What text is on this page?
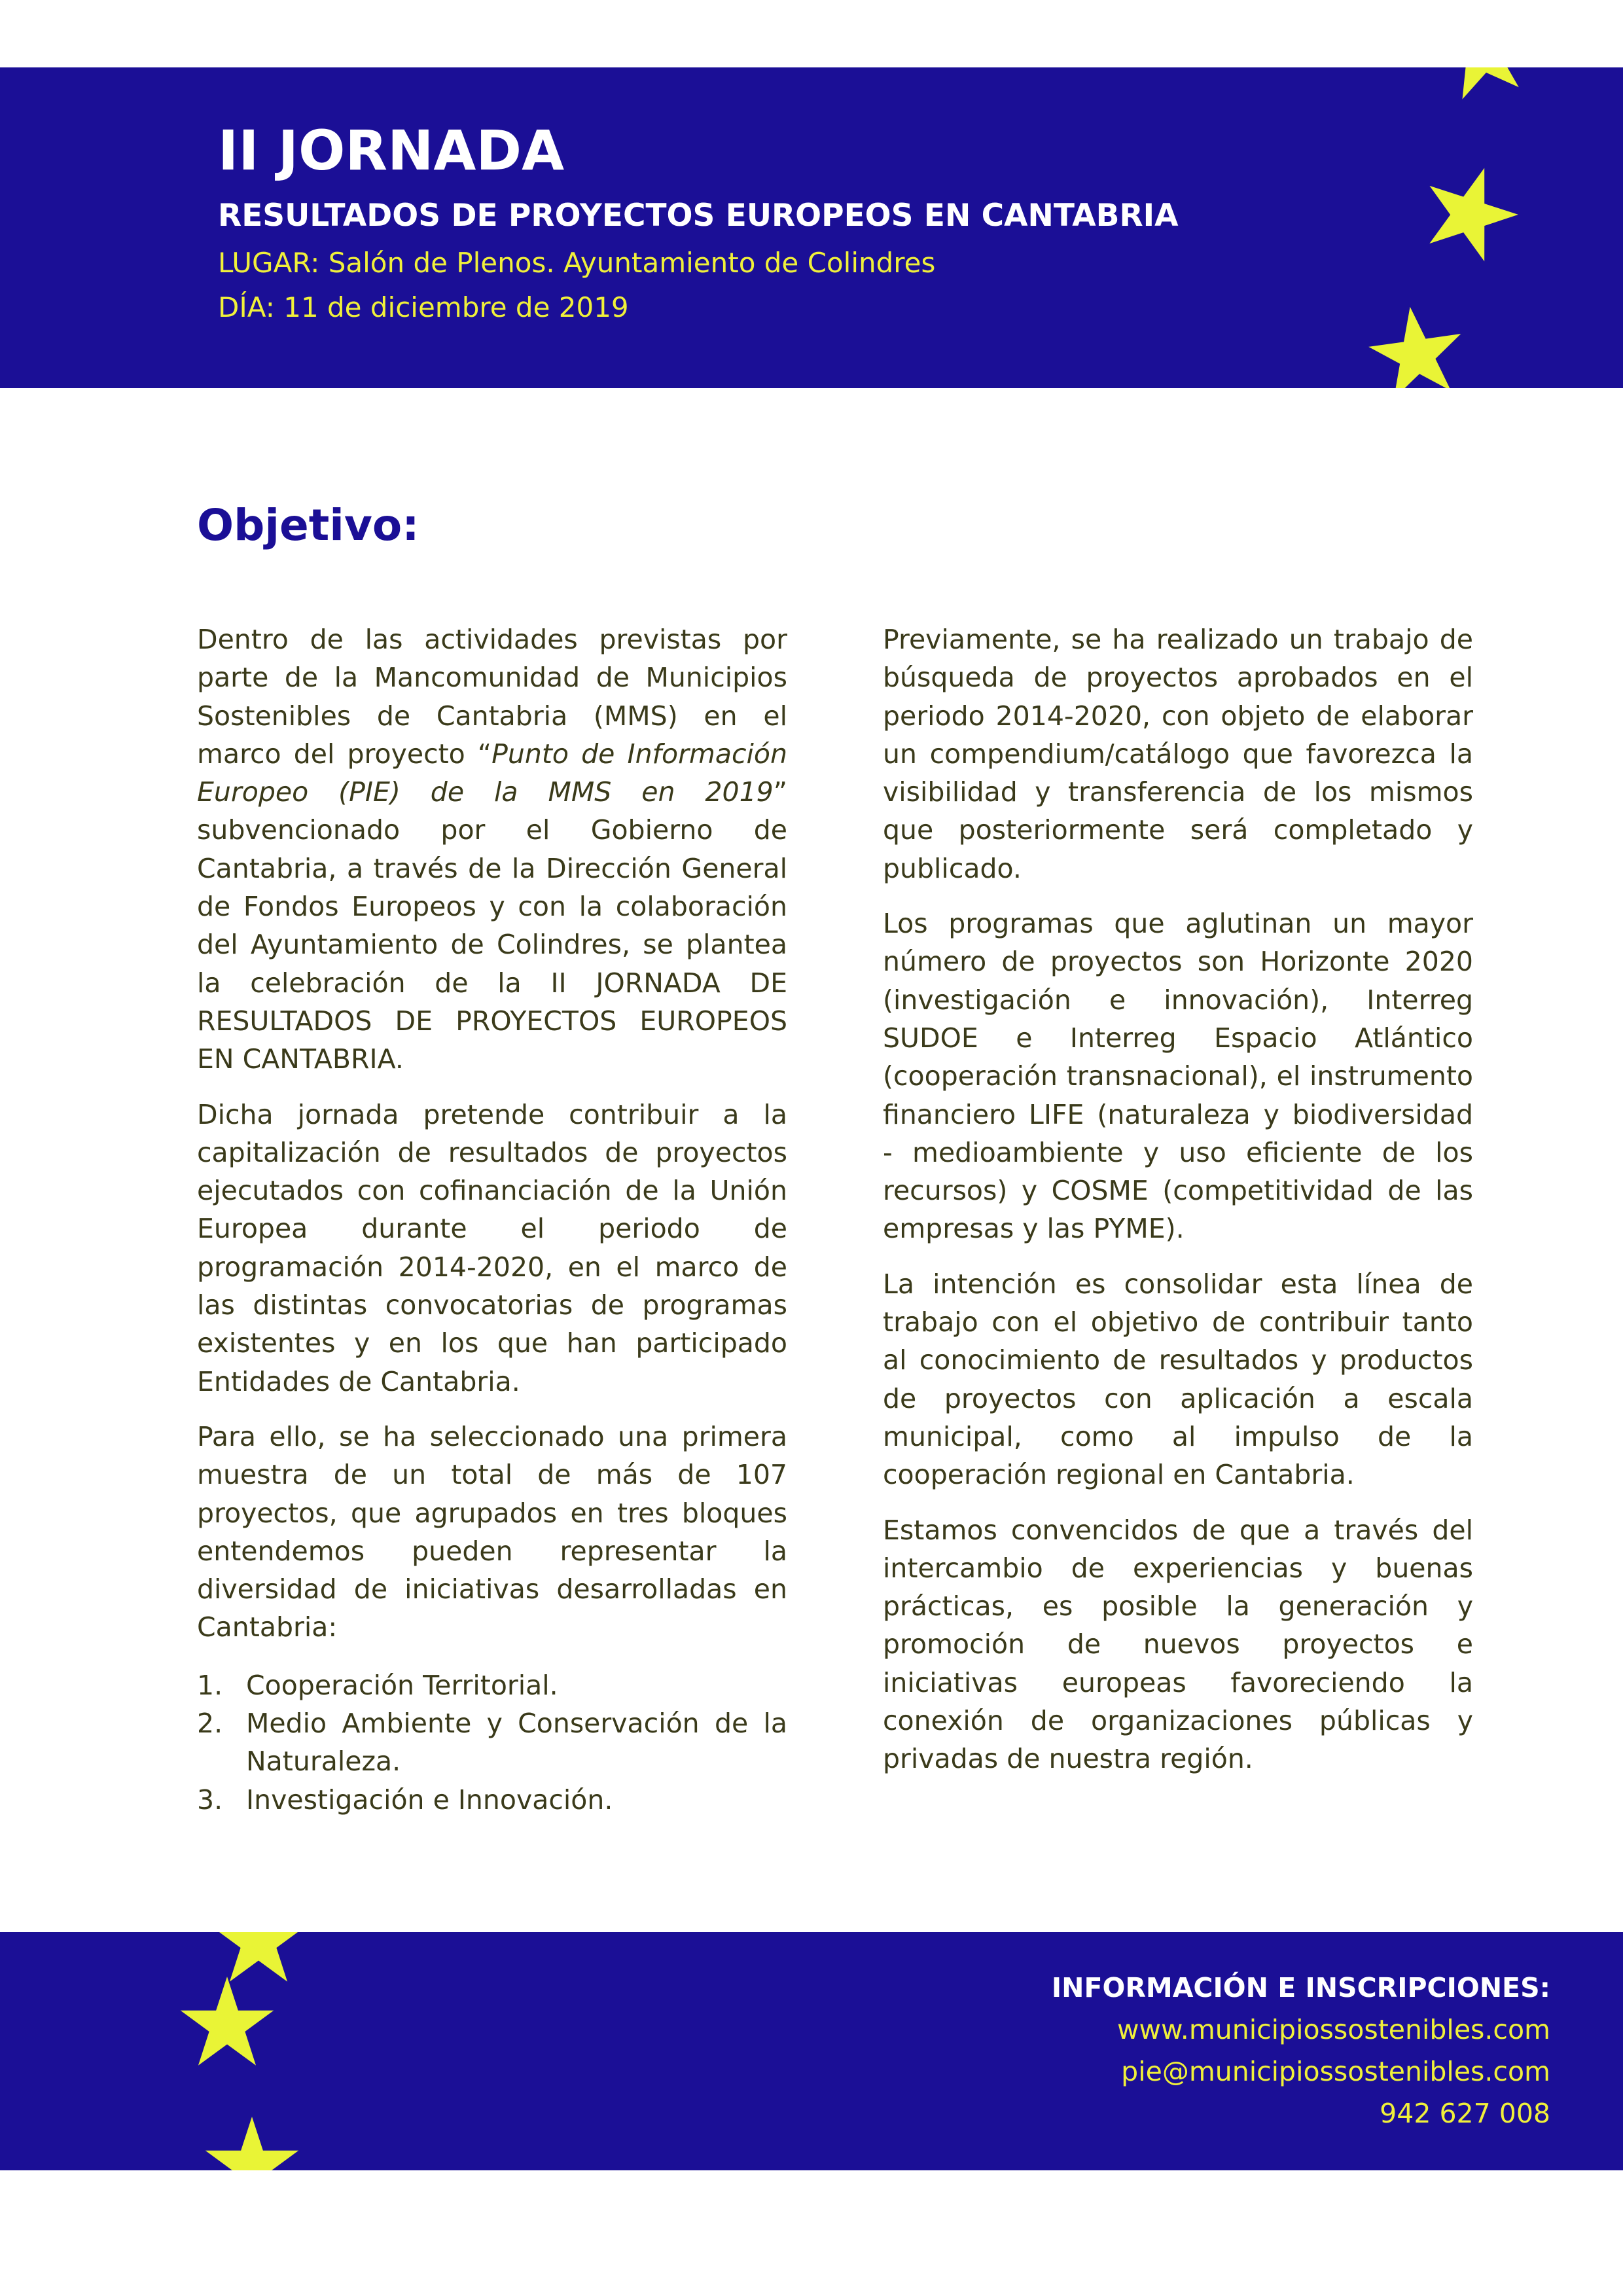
II JORNADA
RESULTADOS DE PROYECTOS EUROPEOS EN CANTABRIA
LUGAR: Salón de Plenos. Ayuntamiento de Colindres
DÍA: 11 de diciembre de 2019
Objetivo:

Dentro de las actividades previstas por parte de la Mancomunidad de Municipios Sostenibles de Cantabria (MMS) en el marco del proyecto “Punto de Información Europeo (PIE) de la MMS en 2019” subvencionado por el Gobierno de Cantabria, a través de la Dirección General de Fondos Europeos y con la colaboración del Ayuntamiento de Colindres, se plantea la celebración de la II JORNADA DE RESULTADOS DE PROYECTOS EUROPEOS EN CANTABRIA.

Dicha jornada pretende contribuir a la capitalización de resultados de proyectos ejecutados con cofinanciación de la Unión Europea durante el periodo de programación 2014-2020, en el marco de las distintas convocatorias de programas existentes y en los que han participado Entidades de Cantabria.

Para ello, se ha seleccionado una primera muestra de un total de más de 107 proyectos, que agrupados en tres bloques entendemos pueden representar la diversidad de iniciativas desarrolladas en Cantabria:

1. Cooperación Territorial.
2. Medio Ambiente y Conservación de la Naturaleza.
3. Investigación e Innovación.

Previamente, se ha realizado un trabajo de búsqueda de proyectos aprobados en el periodo 2014-2020, con objeto de elaborar un compendium/catálogo que favorezca la visibilidad y transferencia de los mismos que posteriormente será completado y publicado.

Los programas que aglutinan un mayor número de proyectos son Horizonte 2020 (investigación e innovación), Interreg SUDOE e Interreg Espacio Atlántico (cooperación transnacional), el instrumento financiero LIFE (naturaleza y biodiversidad - medioambiente y uso eficiente de los recursos) y COSME (competitividad de las empresas y las PYME).

La intención es consolidar esta línea de trabajo con el objetivo de contribuir tanto al conocimiento de resultados y productos de proyectos con aplicación a escala municipal, como al impulso de la cooperación regional en Cantabria.

Estamos convencidos de que a través del intercambio de experiencias y buenas prácticas, es posible la generación y promoción de nuevos proyectos e iniciativas europeas favoreciendo la conexión de organizaciones públicas y privadas de nuestra región.

INFORMACIÓN E INSCRIPCIONES:
www.municipiossostenibles.com
pie@municipiossostenibles.com
942 627 008
